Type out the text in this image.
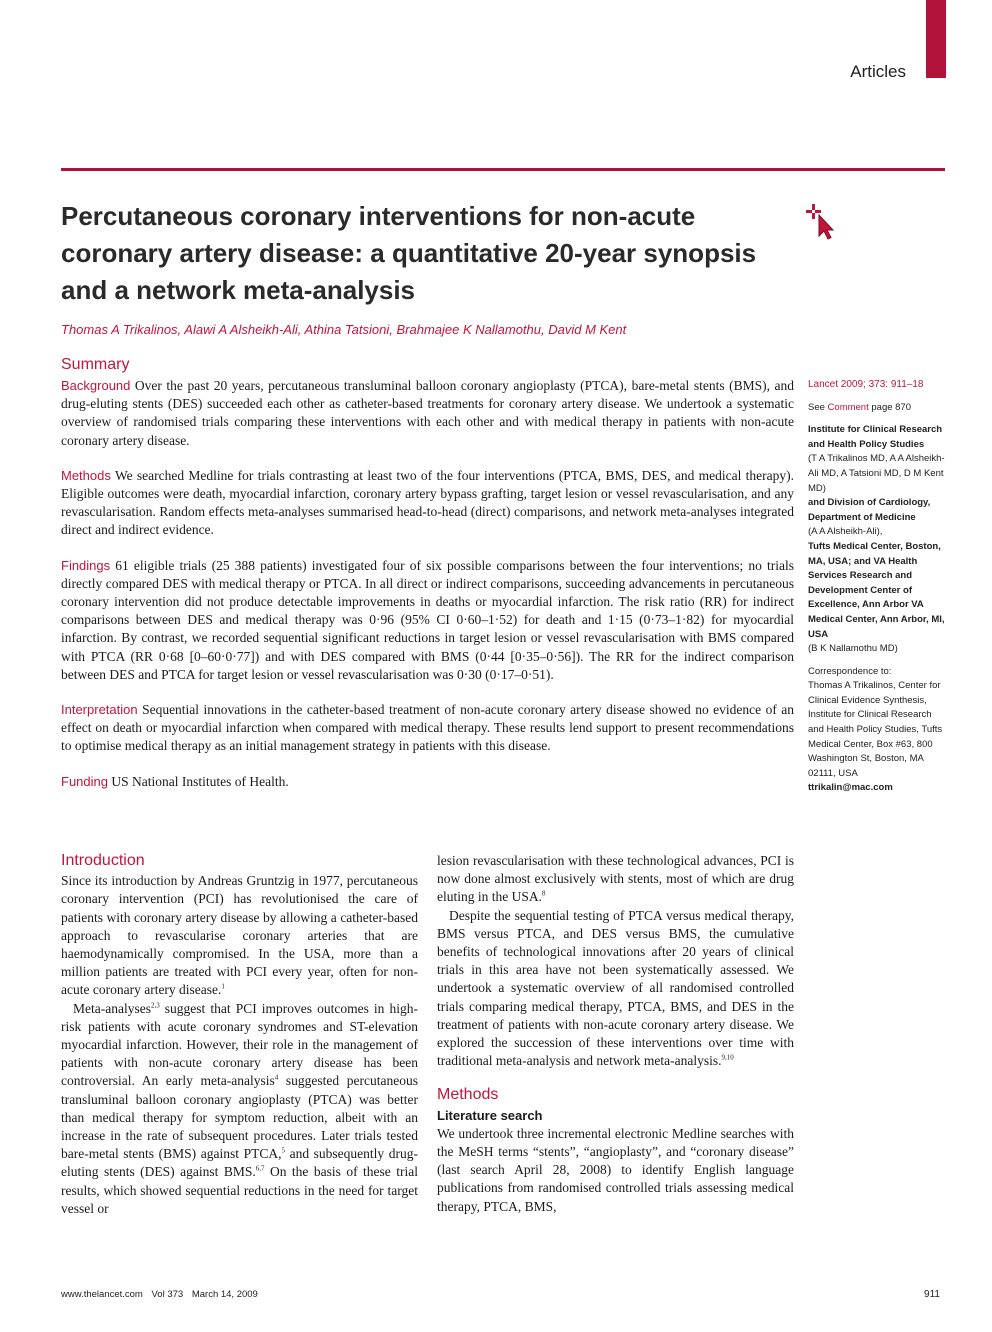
Articles
Percutaneous coronary interventions for non-acute coronary artery disease: a quantitative 20-year synopsis and a network meta-analysis
Thomas A Trikalinos, Alawi A Alsheikh-Ali, Athina Tatsioni, Brahmajee K Nallamothu, David M Kent
Summary

Background Over the past 20 years, percutaneous transluminal balloon coronary angioplasty (PTCA), bare-metal stents (BMS), and drug-eluting stents (DES) succeeded each other as catheter-based treatments for coronary artery disease. We undertook a systematic overview of randomised trials comparing these interventions with each other and with medical therapy in patients with non-acute coronary artery disease.

Methods We searched Medline for trials contrasting at least two of the four interventions (PTCA, BMS, DES, and medical therapy). Eligible outcomes were death, myocardial infarction, coronary artery bypass grafting, target lesion or vessel revascularisation, and any revascularisation. Random effects meta-analyses summarised head-to-head (direct) comparisons, and network meta-analyses integrated direct and indirect evidence.

Findings 61 eligible trials (25 388 patients) investigated four of six possible comparisons between the four interventions; no trials directly compared DES with medical therapy or PTCA. In all direct or indirect comparisons, succeeding advancements in percutaneous coronary intervention did not produce detectable improvements in deaths or myocardial infarction. The risk ratio (RR) for indirect comparisons between DES and medical therapy was 0·96 (95% CI 0·60–1·52) for death and 1·15 (0·73–1·82) for myocardial infarction. By contrast, we recorded sequential significant reductions in target lesion or vessel revascularisation with BMS compared with PTCA (RR 0·68 [0–60·0·77]) and with DES compared with BMS (0·44 [0·35–0·56]). The RR for the indirect comparison between DES and PTCA for target lesion or vessel revascularisation was 0·30 (0·17–0·51).

Interpretation Sequential innovations in the catheter-based treatment of non-acute coronary artery disease showed no evidence of an effect on death or myocardial infarction when compared with medical therapy. These results lend support to present recommendations to optimise medical therapy as an initial management strategy in patients with this disease.

Funding US National Institutes of Health.

Lancet 2009; 373: 911–18
See Comment page 870
Institute for Clinical Research and Health Policy Studies
(T A Trikalinos MD, A A Alsheikh-Ali MD, A Tatsioni MD, D M Kent MD)
and Division of Cardiology, Department of Medicine
(A A Alsheikh-Ali),
Tufts Medical Center, Boston, MA, USA; and VA Health Services Research and Development Center of Excellence, Ann Arbor VA Medical Center, Ann Arbor, MI, USA
(B K Nallamothu MD)
Correspondence to:
Thomas A Trikalinos, Center for Clinical Evidence Synthesis, Institute for Clinical Research and Health Policy Studies, Tufts Medical Center, Box #63, 800 Washington St, Boston, MA 02111, USA
ttrikalin@mac.com
Introduction

Since its introduction by Andreas Gruntzig in 1977, percutaneous coronary intervention (PCI) has revolutionised the care of patients with coronary artery disease by allowing a catheter-based approach to revascularise coronary arteries that are haemodynamically compromised. In the USA, more than a million patients are treated with PCI every year, often for non-acute coronary artery disease.$^1$

Meta-analyses$^{2,3}$ suggest that PCI improves outcomes in high-risk patients with acute coronary syndromes and ST-elevation myocardial infarction. However, their role in the management of patients with non-acute coronary artery disease has been controversial. An early meta-analysis$^4$ suggested percutaneous transluminal balloon coronary angioplasty (PTCA) was better than medical therapy for symptom reduction, albeit with an increase in the rate of subsequent procedures. Later trials tested bare-metal stents (BMS) against PTCA,$^5$ and subsequently drug-eluting stents (DES) against BMS.$^{6,7}$ On the basis of these trial results, which showed sequential reductions in the need for target vessel or

lesion revascularisation with these technological advances, PCI is now done almost exclusively with stents, most of which are drug eluting in the USA.$^8$

Despite the sequential testing of PTCA versus medical therapy, BMS versus PTCA, and DES versus BMS, the cumulative benefits of technological innovations after 20 years of clinical trials in this area have not been systematically assessed. We undertook a systematic overview of all randomised controlled trials comparing medical therapy, PTCA, BMS, and DES in the treatment of patients with non-acute coronary artery disease. We explored the succession of these interventions over time with traditional meta-analysis and network meta-analysis.$^{9,10}$

Methods
Literature search

We undertook three incremental electronic Medline searches with the MeSH terms “stents”, “angioplasty”, and “coronary disease” (last search April 28, 2008) to identify English language publications from randomised controlled trials assessing medical therapy, PTCA, BMS,

www.thelancet.com Vol 373 March 14, 2009	911
